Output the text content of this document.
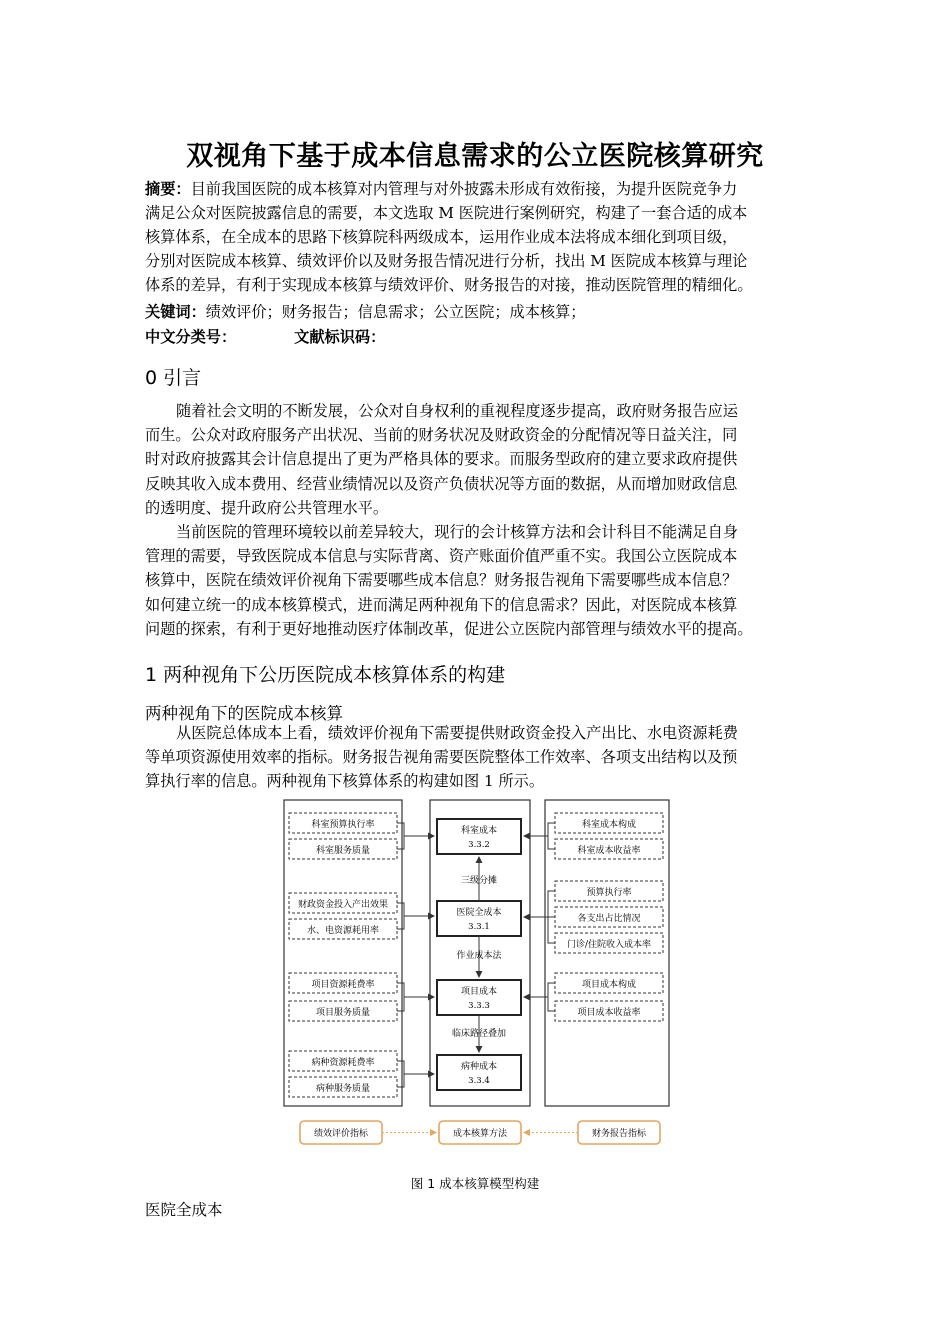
双视角下基于成本信息需求的公立医院核算研究
摘要：目前我国医院的成本核算对内管理与对外披露未形成有效衔接，为提升医院竞争力
满足公众对医院披露信息的需要，本文选取 M 医院进行案例研究，构建了一套合适的成本
核算体系，在全成本的思路下核算院科两级成本，运用作业成本法将成本细化到项目级，
分别对医院成本核算、绩效评价以及财务报告情况进行分析，找出 M 医院成本核算与理论
体系的差异，有利于实现成本核算与绩效评价、财务报告的对接，推动医院管理的精细化。
关键词：绩效评价；财务报告；信息需求；公立医院；成本核算；
中文分类号：	文献标识码：
0 引言
随着社会文明的不断发展，公众对自身权利的重视程度逐步提高，政府财务报告应运
而生。公众对政府服务产出状况、当前的财务状况及财政资金的分配情况等日益关注，同
时对政府披露其会计信息提出了更为严格具体的要求。而服务型政府的建立要求政府提供
反映其收入成本费用、经营业绩情况以及资产负债状况等方面的数据，从而增加财政信息
的透明度、提升政府公共管理水平。
当前医院的管理环境较以前差异较大，现行的会计核算方法和会计科目不能满足自身
管理的需要，导致医院成本信息与实际背离、资产账面价值严重不实。我国公立医院成本
核算中，医院在绩效评价视角下需要哪些成本信息？财务报告视角下需要哪些成本信息？
如何建立统一的成本核算模式，进而满足两种视角下的信息需求？因此，对医院成本核算
问题的探索，有利于更好地推动医疗体制改革，促进公立医院内部管理与绩效水平的提高。
1 两种视角下公历医院成本核算体系的构建
两种视角下的医院成本核算
从医院总体成本上看，绩效评价视角下需要提供财政资金投入产出比、水电资源耗费
等单项资源使用效率的指标。财务报告视角需要医院整体工作效率、各项支出结构以及预
算执行率的信息。两种视角下核算体系的构建如图 1 所示。
科室预算执行率
科室服务质量
财政资金投入产出效果
水、电资源耗用率
项目资源耗费率
项目服务质量
病种资源耗费率
病种服务质量
科室成本
3.3.2
医院全成本
3.3.1
项目成本
3.3.3
病种成本
3.3.4
三级分摊
作业成本法
临床路径叠加
科室成本构成
科室成本收益率
预算执行率
各支出占比情况
门诊/住院收入成本率
项目成本构成
项目成本收益率
绩效评价指标	成本核算方法	财务报告指标
图 1 成本核算模型构建
医院全成本
